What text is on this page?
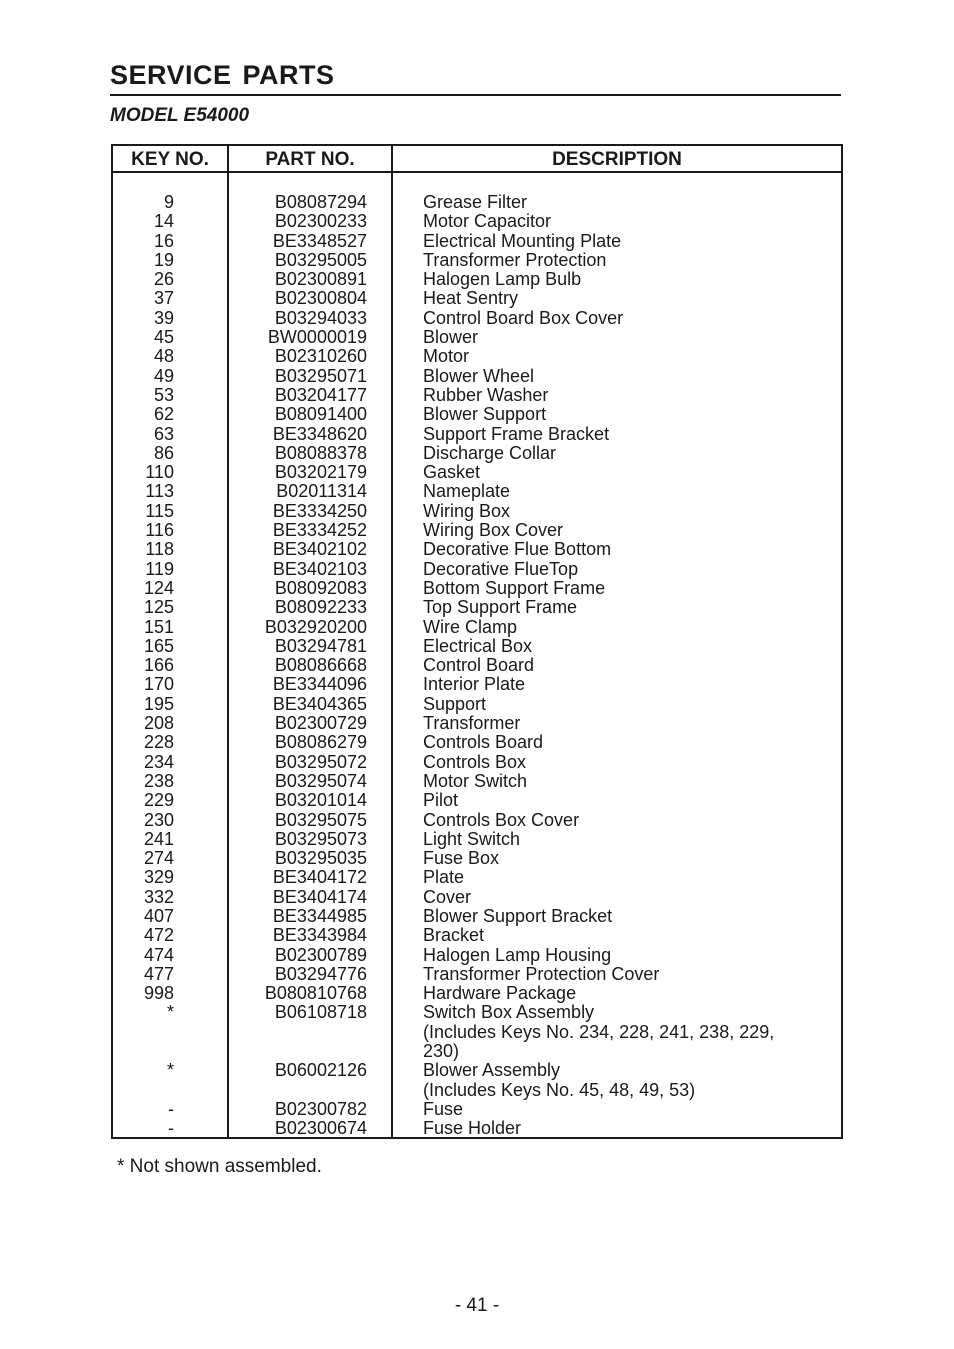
SERVICE PARTS
MODEL E54000
KEY NO.	PART NO.	DESCRIPTION
9	B08087294	Grease Filter
14	B02300233	Motor Capacitor
16	BE3348527	Electrical Mounting Plate
19	B03295005	Transformer Protection
26	B02300891	Halogen Lamp Bulb
37	B02300804	Heat Sentry
39	B03294033	Control Board Box Cover
45	BW0000019	Blower
48	B02310260	Motor
49	B03295071	Blower Wheel
53	B03204177	Rubber Washer
62	B08091400	Blower Support
63	BE3348620	Support Frame Bracket
86	B08088378	Discharge Collar
110	B03202179	Gasket
113	B02011314	Nameplate
115	BE3334250	Wiring Box
116	BE3334252	Wiring Box Cover
118	BE3402102	Decorative Flue Bottom
119	BE3402103	Decorative FlueTop
124	B08092083	Bottom Support Frame
125	B08092233	Top Support Frame
151	B032920200	Wire Clamp
165	B03294781	Electrical Box
166	B08086668	Control Board
170	BE3344096	Interior Plate
195	BE3404365	Support
208	B02300729	Transformer
228	B08086279	Controls Board
234	B03295072	Controls Box
238	B03295074	Motor Switch
229	B03201014	Pilot
230	B03295075	Controls Box Cover
241	B03295073	Light Switch
274	B03295035	Fuse Box
329	BE3404172	Plate
332	BE3404174	Cover
407	BE3344985	Blower Support Bracket
472	BE3343984	Bracket
474	B02300789	Halogen Lamp Housing
477	B03294776	Transformer Protection Cover
998	B080810768	Hardware Package
*	B06108718	Switch Box Assembly
(Includes Keys No. 234, 228, 241, 238, 229, 230)
*	B06002126	Blower Assembly
(Includes Keys No. 45, 48, 49, 53)
-	B02300782	Fuse
-	B02300674	Fuse Holder
* Not shown assembled.
- 41 -
